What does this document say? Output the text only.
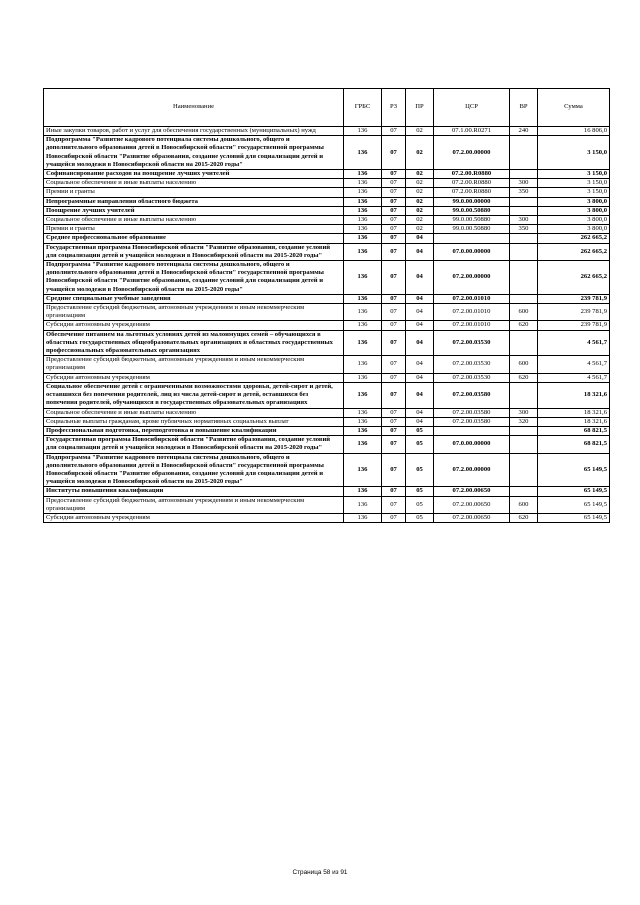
Наименование	ГРБС	РЗ	ПР	ЦСР	ВР	Сумма
Иные закупки товаров, работ и услуг для обеспечения государственных (муниципальных) нужд	136	07	02	07.1.00.R0271	240	16 806,0
Подпрограмма "Развитие кадрового потенциала системы дошкольного, общего и дополнительного образования детей в Новосибирской области" государственной программы Новосибирской области "Развитие образования, создание условий для социализации детей и учащейся молодежи в Новосибирской области на 2015-2020 годы"	136	07	02	07.2.00.00000		3 150,0
Софинансирование расходов на поощрение лучших учителей	136	07	02	07.2.00.R0880		3 150,0
Социальное обеспечение и иные выплаты населению	136	07	02	07.2.00.R0880	300	3 150,0
Премии и гранты	136	07	02	07.2.00.R0880	350	3 150,0
Непрограммные направления областного бюджета	136	07	02	99.0.00.00000		3 800,0
Поощрение лучших учителей	136	07	02	99.0.00.50880		3 800,0
Социальное обеспечение и иные выплаты населению	136	07	02	99.0.00.50880	300	3 800,0
Премии и гранты	136	07	02	99.0.00.50880	350	3 800,0
Среднее профессиональное образование	136	07	04			262 665,2
Государственная программа Новосибирской области "Развитие образования, создание условий для социализации детей и учащейся молодежи в Новосибирской области на 2015-2020 годы"	136	07	04	07.0.00.00000		262 665,2
Подпрограмма "Развитие кадрового потенциала системы дошкольного, общего и дополнительного образования детей в Новосибирской области" государственной программы Новосибирской области "Развитие образования, создание условий для социализации детей и учащейся молодежи в Новосибирской области на 2015-2020 годы"	136	07	04	07.2.00.00000		262 665,2
Средние специальные учебные заведения	136	07	04	07.2.00.01010		239 781,9
Предоставление субсидий бюджетным, автономным учреждениям и иным некоммерческим организациям	136	07	04	07.2.00.01010	600	239 781,9
Субсидии автономным учреждениям	136	07	04	07.2.00.01010	620	239 781,9
Обеспечение питанием на льготных условиях детей из малоимущих семей – обучающихся в областных государственных общеобразовательных организациях и областных государственных профессиональных образовательных организациях	136	07	04	07.2.00.03530		4 561,7
Предоставление субсидий бюджетным, автономным учреждениям и иным некоммерческим организациям	136	07	04	07.2.00.03530	600	4 561,7
Субсидии автономным учреждениям	136	07	04	07.2.00.03530	620	4 561,7
Социальное обеспечение детей с ограниченными возможностями здоровья, детей-сирот и детей, оставшихся без попечения родителей, лиц из числа детей-сирот и детей, оставшихся без попечения родителей, обучающихся в государственных образовательных организациях	136	07	04	07.2.00.03580		18 321,6
Социальное обеспечение и иные выплаты населению	136	07	04	07.2.00.03580	300	18 321,6
Социальные выплаты гражданам, кроме публичных нормативных социальных выплат	136	07	04	07.2.00.03580	320	18 321,6
Профессиональная подготовка, переподготовка и повышение квалификации	136	07	05			68 821,5
Государственная программа Новосибирской области "Развитие образования, создание условий для социализации детей и учащейся молодежи в Новосибирской области на 2015-2020 годы"	136	07	05	07.0.00.00000		68 821,5
Подпрограмма "Развитие кадрового потенциала системы дошкольного, общего и дополнительного образования детей в Новосибирской области" государственной программы Новосибирской области "Развитие образования, создание условий для социализации детей и учащейся молодежи в Новосибирской области на 2015-2020 годы"	136	07	05	07.2.00.00000		65 149,5
Институты повышения квалификации	136	07	05	07.2.00.00650		65 149,5
Предоставление субсидий бюджетным, автономным учреждениям и иным некоммерческим организациям	136	07	05	07.2.00.00650	600	65 149,5
Субсидии автономным учреждениям	136	07	05	07.2.00.00650	620	65 149,5
Страница 58 из 91
